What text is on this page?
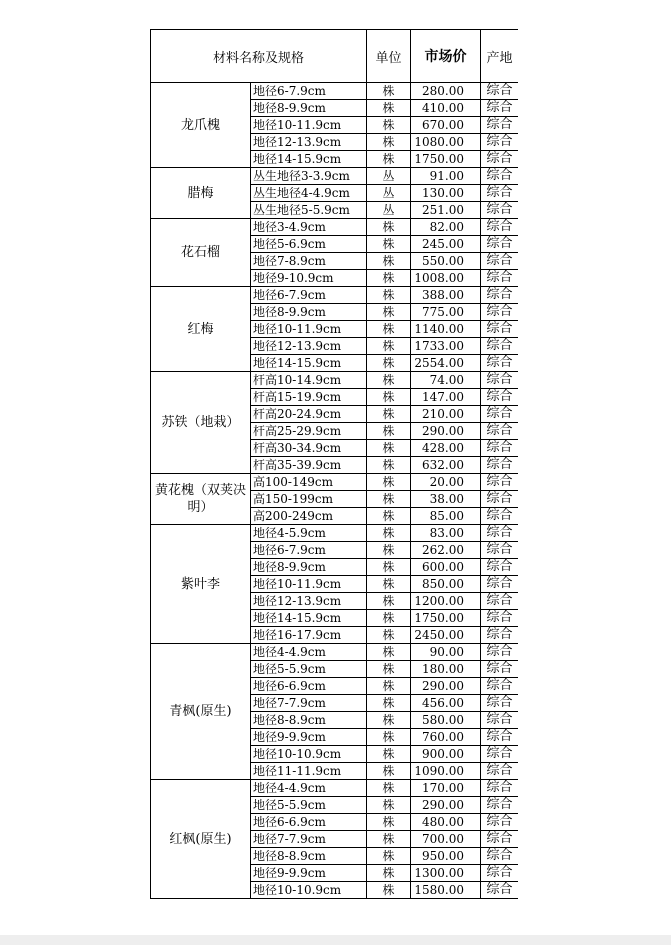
材料名称及规格		单位	市场价	产地
龙爪槐	地径6-7.9cm	株	280.00	综合
	地径8-9.9cm	株	410.00	综合
	地径10-11.9cm	株	670.00	综合
	地径12-13.9cm	株	1080.00	综合
	地径14-15.9cm	株	1750.00	综合
腊梅	丛生地径3-3.9cm	丛	91.00	综合
	丛生地径4-4.9cm	丛	130.00	综合
	丛生地径5-5.9cm	丛	251.00	综合
花石榴	地径3-4.9cm	株	82.00	综合
	地径5-6.9cm	株	245.00	综合
	地径7-8.9cm	株	550.00	综合
	地径9-10.9cm	株	1008.00	综合
红梅	地径6-7.9cm	株	388.00	综合
	地径8-9.9cm	株	775.00	综合
	地径10-11.9cm	株	1140.00	综合
	地径12-13.9cm	株	1733.00	综合
	地径14-15.9cm	株	2554.00	综合
苏铁（地栽）	杆高10-14.9cm	株	74.00	综合
	杆高15-19.9cm	株	147.00	综合
	杆高20-24.9cm	株	210.00	综合
	杆高25-29.9cm	株	290.00	综合
	杆高30-34.9cm	株	428.00	综合
	杆高35-39.9cm	株	632.00	综合
黄花槐（双荚决明）	高100-149cm	株	20.00	综合
	高150-199cm	株	38.00	综合
	高200-249cm	株	85.00	综合
紫叶李	地径4-5.9cm	株	83.00	综合
	地径6-7.9cm	株	262.00	综合
	地径8-9.9cm	株	600.00	综合
	地径10-11.9cm	株	850.00	综合
	地径12-13.9cm	株	1200.00	综合
	地径14-15.9cm	株	1750.00	综合
	地径16-17.9cm	株	2450.00	综合
青枫(原生)	地径4-4.9cm	株	90.00	综合
	地径5-5.9cm	株	180.00	综合
	地径6-6.9cm	株	290.00	综合
	地径7-7.9cm	株	456.00	综合
	地径8-8.9cm	株	580.00	综合
	地径9-9.9cm	株	760.00	综合
	地径10-10.9cm	株	900.00	综合
	地径11-11.9cm	株	1090.00	综合
红枫(原生)	地径4-4.9cm	株	170.00	综合
	地径5-5.9cm	株	290.00	综合
	地径6-6.9cm	株	480.00	综合
	地径7-7.9cm	株	700.00	综合
	地径8-8.9cm	株	950.00	综合
	地径9-9.9cm	株	1300.00	综合
	地径10-10.9cm	株	1580.00	综合
